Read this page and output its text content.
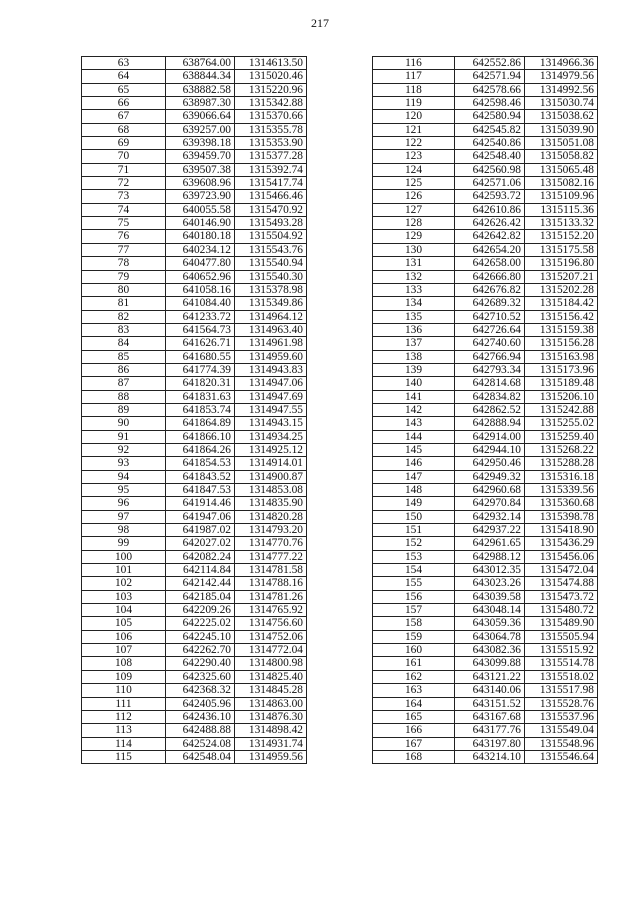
217
63	638764.00	1314613.50
64	638844.34	1315020.46
65	638882.58	1315220.96
66	638987.30	1315342.88
67	639066.64	1315370.66
68	639257.00	1315355.78
69	639398.18	1315353.90
70	639459.70	1315377.28
71	639507.38	1315392.74
72	639608.96	1315417.74
73	639723.90	1315466.46
74	640055.58	1315470.92
75	640146.90	1315493.28
76	640180.18	1315504.92
77	640234.12	1315543.76
78	640477.80	1315540.94
79	640652.96	1315540.30
80	641058.16	1315378.98
81	641084.40	1315349.86
82	641233.72	1314964.12
83	641564.73	1314963.40
84	641626.71	1314961.98
85	641680.55	1314959.60
86	641774.39	1314943.83
87	641820.31	1314947.06
88	641831.63	1314947.69
89	641853.74	1314947.55
90	641864.89	1314943.15
91	641866.10	1314934.25
92	641864.26	1314925.12
93	641854.53	1314914.01
94	641843.52	1314900.87
95	641847.53	1314853.08
96	641914.46	1314835.90
97	641947.06	1314820.28
98	641987.02	1314793.20
99	642027.02	1314770.76
100	642082.24	1314777.22
101	642114.84	1314781.58
102	642142.44	1314788.16
103	642185.04	1314781.26
104	642209.26	1314765.92
105	642225.02	1314756.60
106	642245.10	1314752.06
107	642262.70	1314772.04
108	642290.40	1314800.98
109	642325.60	1314825.40
110	642368.32	1314845.28
111	642405.96	1314863.00
112	642436.10	1314876.30
113	642488.88	1314898.42
114	642524.08	1314931.74
115	642548.04	1314959.56
116	642552.86	1314966.36
117	642571.94	1314979.56
118	642578.66	1314992.56
119	642598.46	1315030.74
120	642580.94	1315038.62
121	642545.82	1315039.90
122	642540.86	1315051.08
123	642548.40	1315058.82
124	642560.98	1315065.48
125	642571.06	1315082.16
126	642593.72	1315109.96
127	642610.86	1315115.36
128	642626.42	1315133.32
129	642642.82	1315152.20
130	642654.20	1315175.58
131	642658.00	1315196.80
132	642666.80	1315207.21
133	642676.82	1315202.28
134	642689.32	1315184.42
135	642710.52	1315156.42
136	642726.64	1315159.38
137	642740.60	1315156.28
138	642766.94	1315163.98
139	642793.34	1315173.96
140	642814.68	1315189.48
141	642834.82	1315206.10
142	642862.52	1315242.88
143	642888.94	1315255.02
144	642914.00	1315259.40
145	642944.10	1315268.22
146	642950.46	1315288.28
147	642949.32	1315316.18
148	642960.68	1315339.56
149	642970.84	1315360.68
150	642932.14	1315398.78
151	642937.22	1315418.90
152	642961.65	1315436.29
153	642988.12	1315456.06
154	643012.35	1315472.04
155	643023.26	1315474.88
156	643039.58	1315473.72
157	643048.14	1315480.72
158	643059.36	1315489.90
159	643064.78	1315505.94
160	643082.36	1315515.92
161	643099.88	1315514.78
162	643121.22	1315518.02
163	643140.06	1315517.98
164	643151.52	1315528.76
165	643167.68	1315537.96
166	643177.76	1315549.04
167	643197.80	1315548.96
168	643214.10	1315546.64
